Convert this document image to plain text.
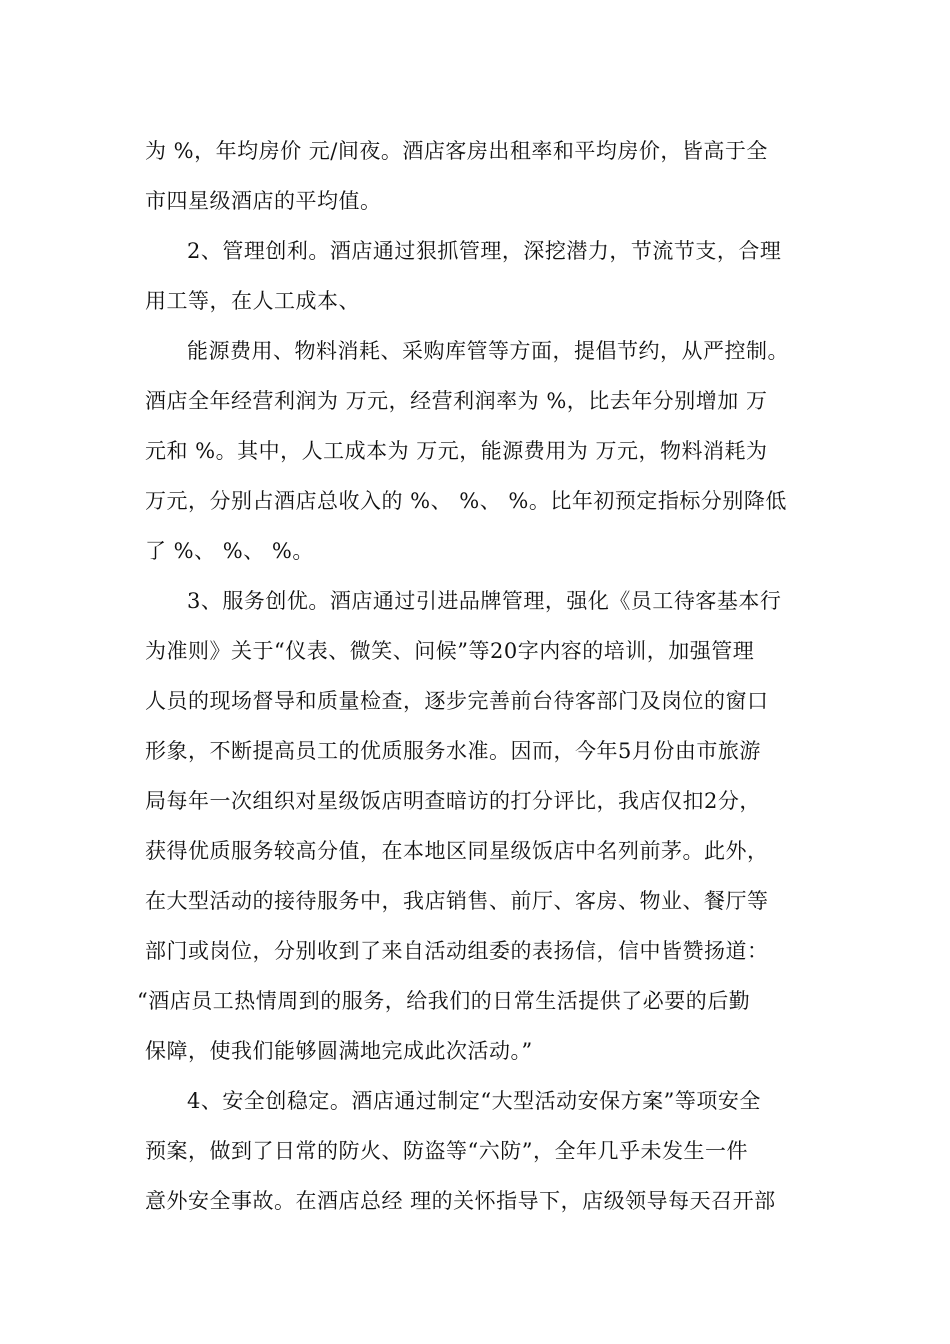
为 %，年均房价 元/间夜。酒店客房出租率和平均房价，皆高于全
市四星级酒店的平均值。
2、管理创利。酒店通过狠抓管理，深挖潜力，节流节支，合理
用工等，在人工成本、
能源费用、物料消耗、采购库管等方面，提倡节约，从严控制。
酒店全年经营利润为 万元，经营利润率为 %，比去年分别增加 万
元和 %。其中，人工成本为 万元，能源费用为 万元，物料消耗为
万元，分别占酒店总收入的 %、 %、 %。比年初预定指标分别降低
了 %、 %、 %。
3、服务创优。酒店通过引进品牌管理，强化《员工待客基本行
为准则》关于“仪表、微笑、问候”等20字内容的培训，加强管理
人员的现场督导和质量检查，逐步完善前台待客部门及岗位的窗口
形象，不断提高员工的优质服务水准。因而，今年5月份由市旅游
局每年一次组织对星级饭店明查暗访的打分评比，我店仅扣2分，
获得优质服务较高分值，在本地区同星级饭店中名列前茅。此外，
在大型活动的接待服务中，我店销售、前厅、客房、物业、餐厅等
部门或岗位，分别收到了来自活动组委的表扬信，信中皆赞扬道：
“酒店员工热情周到的服务，给我们的日常生活提供了必要的后勤
保障，使我们能够圆满地完成此次活动。”
4、安全创稳定。酒店通过制定“大型活动安保方案”等项安全
预案，做到了日常的防火、防盗等“六防”，全年几乎未发生一件
意外安全事故。在酒店总经 理的关怀指导下，店级领导每天召开部
